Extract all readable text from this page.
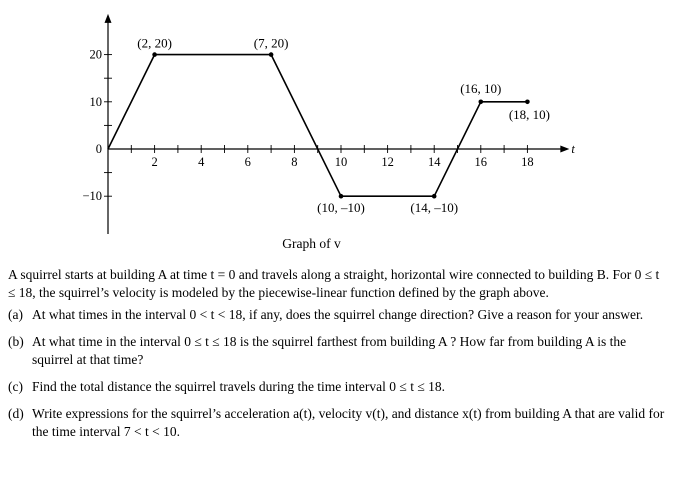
t
2	4	6	8	10	12	14	16	18
−10
0
10
20
(2, 20)	(7, 20)
(10, –10)	(14, –10)
(16, 10)
(18, 10)
Graph of v

A squirrel starts at building A at time t = 0 and travels along a straight, horizontal wire connected to building B. For 0 ≤ t ≤ 18, the squirrel’s velocity is modeled by the piecewise-linear function defined by the graph above.

(a) At what times in the interval 0 < t < 18, if any, does the squirrel change direction? Give a reason for your answer.
(b) At what time in the interval 0 ≤ t ≤ 18 is the squirrel farthest from building A ? How far from building A is the squirrel at that time?
(c) Find the total distance the squirrel travels during the time interval 0 ≤ t ≤ 18.
(d) Write expressions for the squirrel’s acceleration a(t), velocity v(t), and distance x(t) from building A that are valid for the time interval 7 < t < 10.
